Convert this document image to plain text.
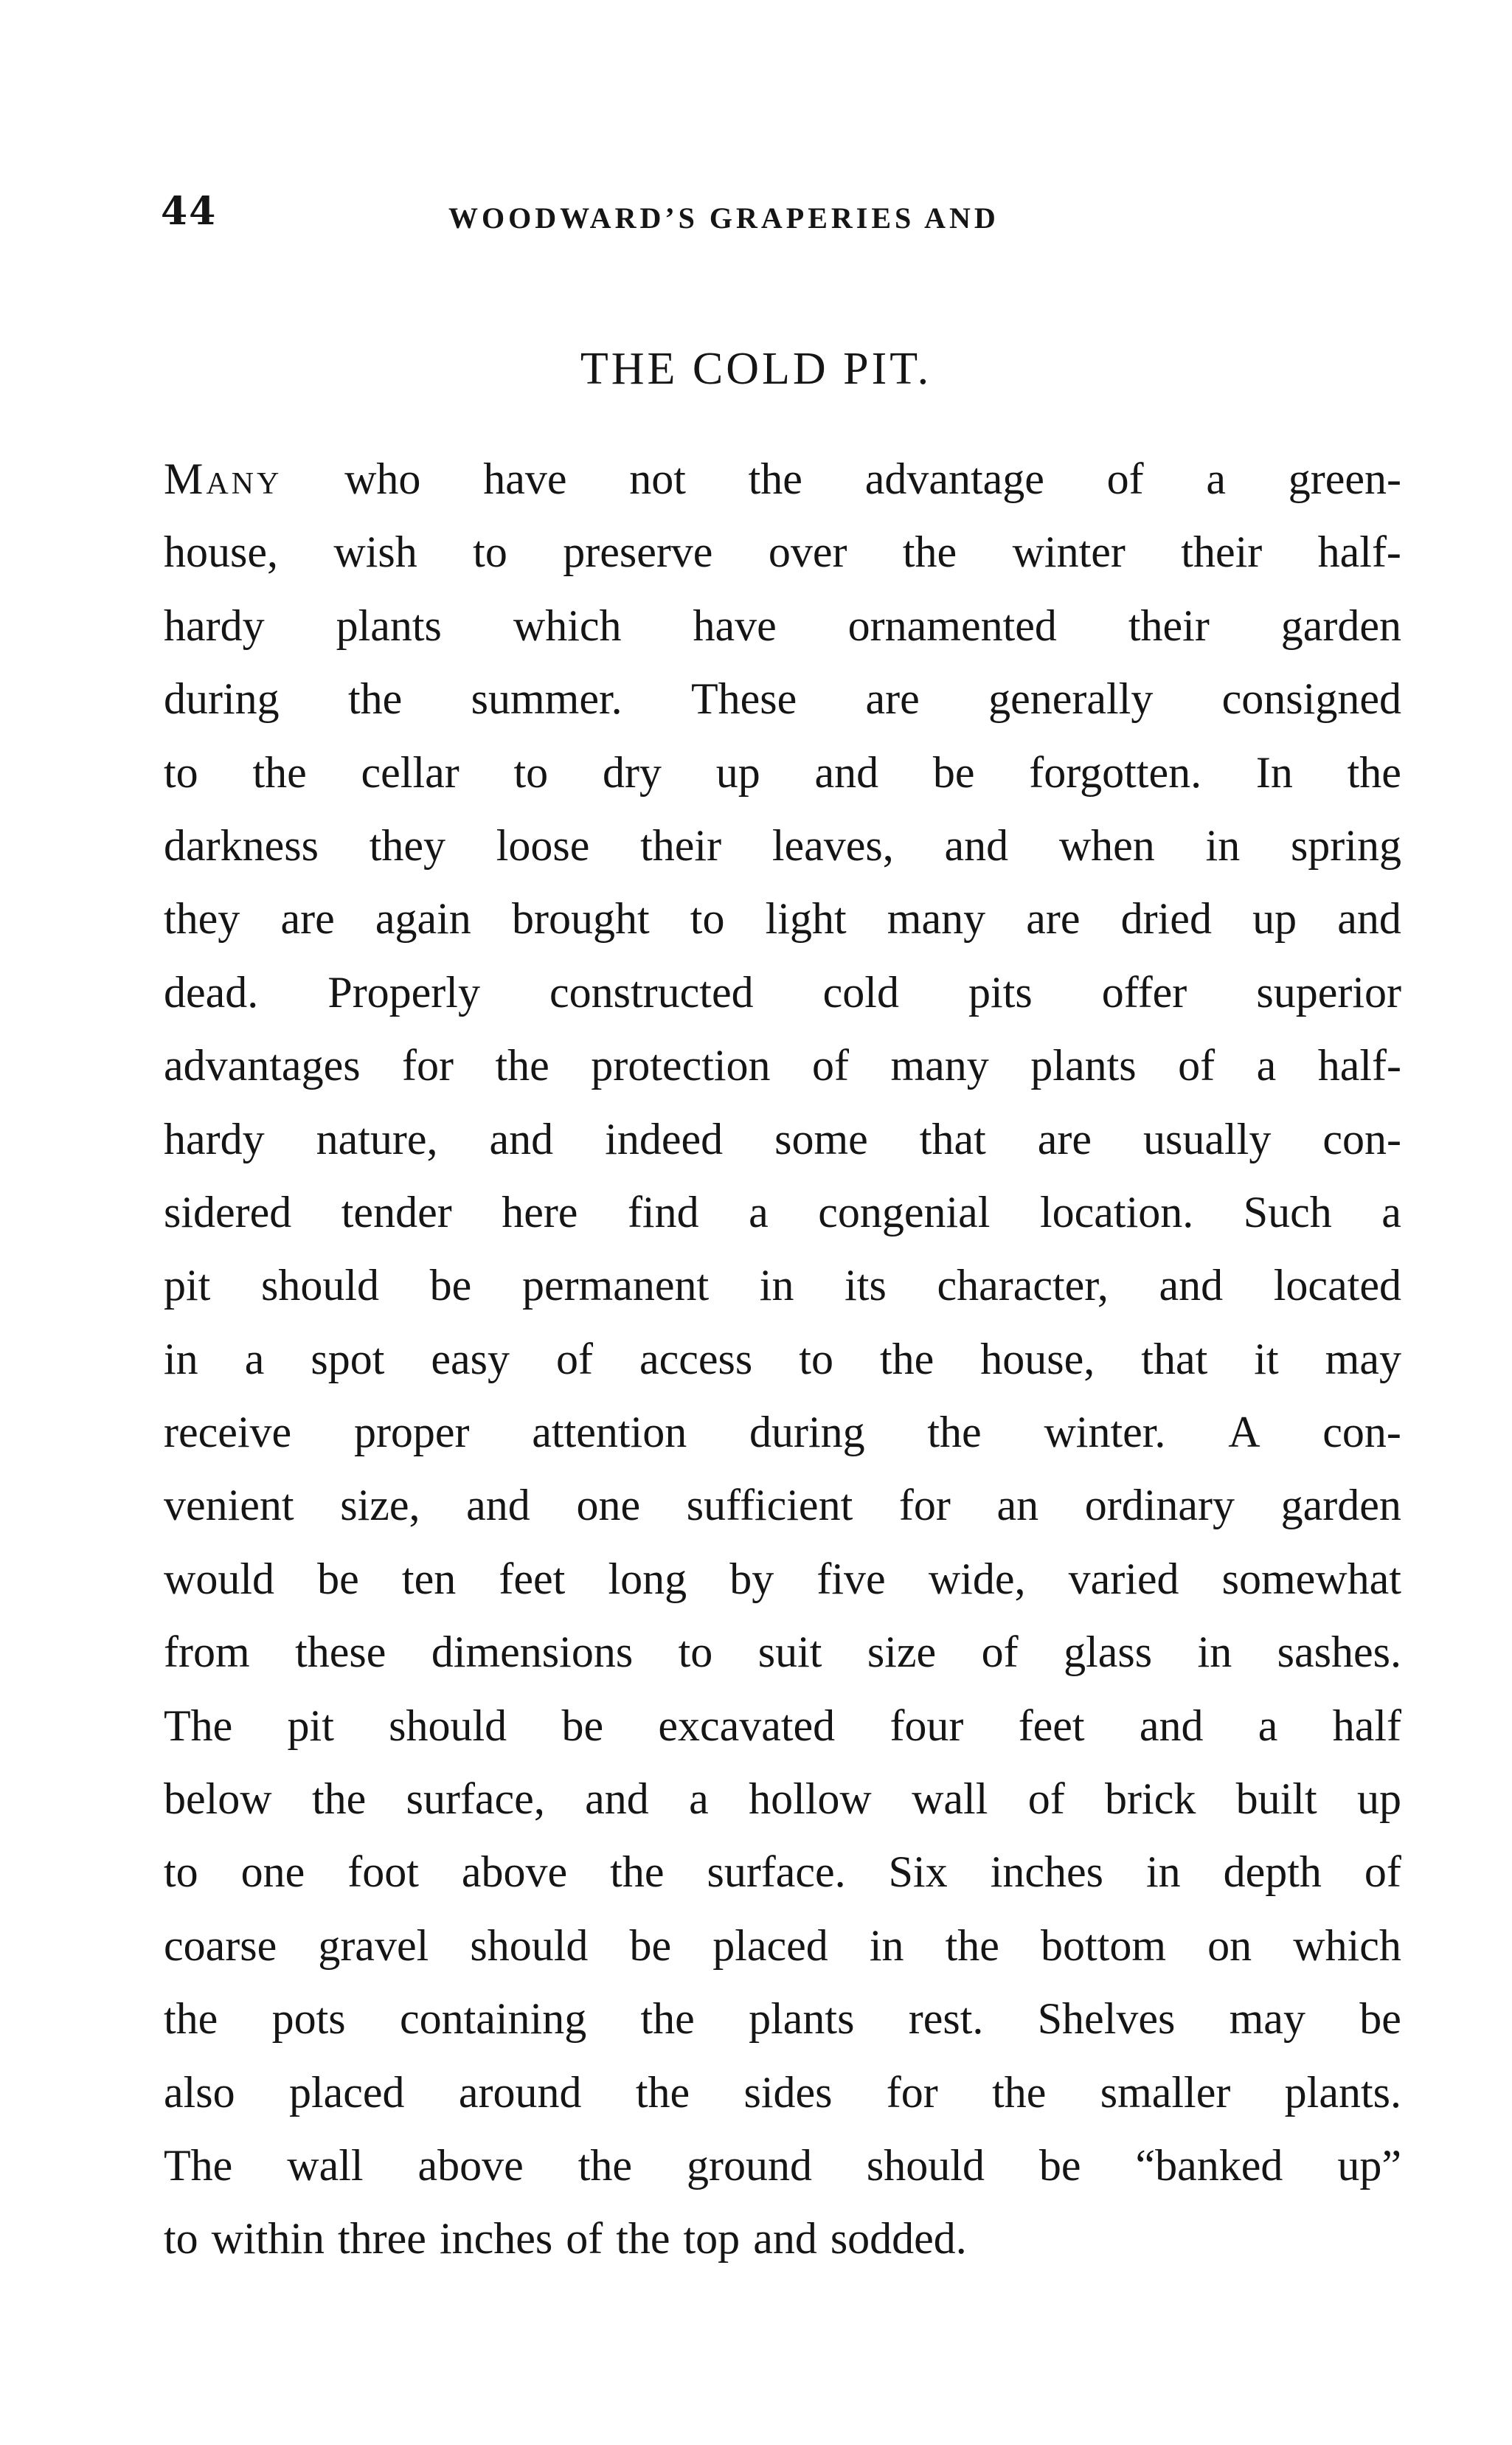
44	WOODWARD’S GRAPERIES AND
THE COLD PIT.
Many who have not the advantage of a green-
house, wish to preserve over the winter their half-
hardy plants which have ornamented their garden
during the summer. These are generally consigned
to the cellar to dry up and be forgotten. In the
darkness they loose their leaves, and when in spring
they are again brought to light many are dried up and
dead. Properly constructed cold pits offer superior
advantages for the protection of many plants of a half-
hardy nature, and indeed some that are usually con-
sidered tender here find a congenial location. Such a
pit should be permanent in its character, and located
in a spot easy of access to the house, that it may
receive proper attention during the winter. A con-
venient size, and one sufficient for an ordinary garden
would be ten feet long by five wide, varied somewhat
from these dimensions to suit size of glass in sashes.
The pit should be excavated four feet and a half
below the surface, and a hollow wall of brick built up
to one foot above the surface. Six inches in depth of
coarse gravel should be placed in the bottom on which
the pots containing the plants rest. Shelves may be
also placed around the sides for the smaller plants.
The wall above the ground should be “banked up”
to within three inches of the top and sodded.
